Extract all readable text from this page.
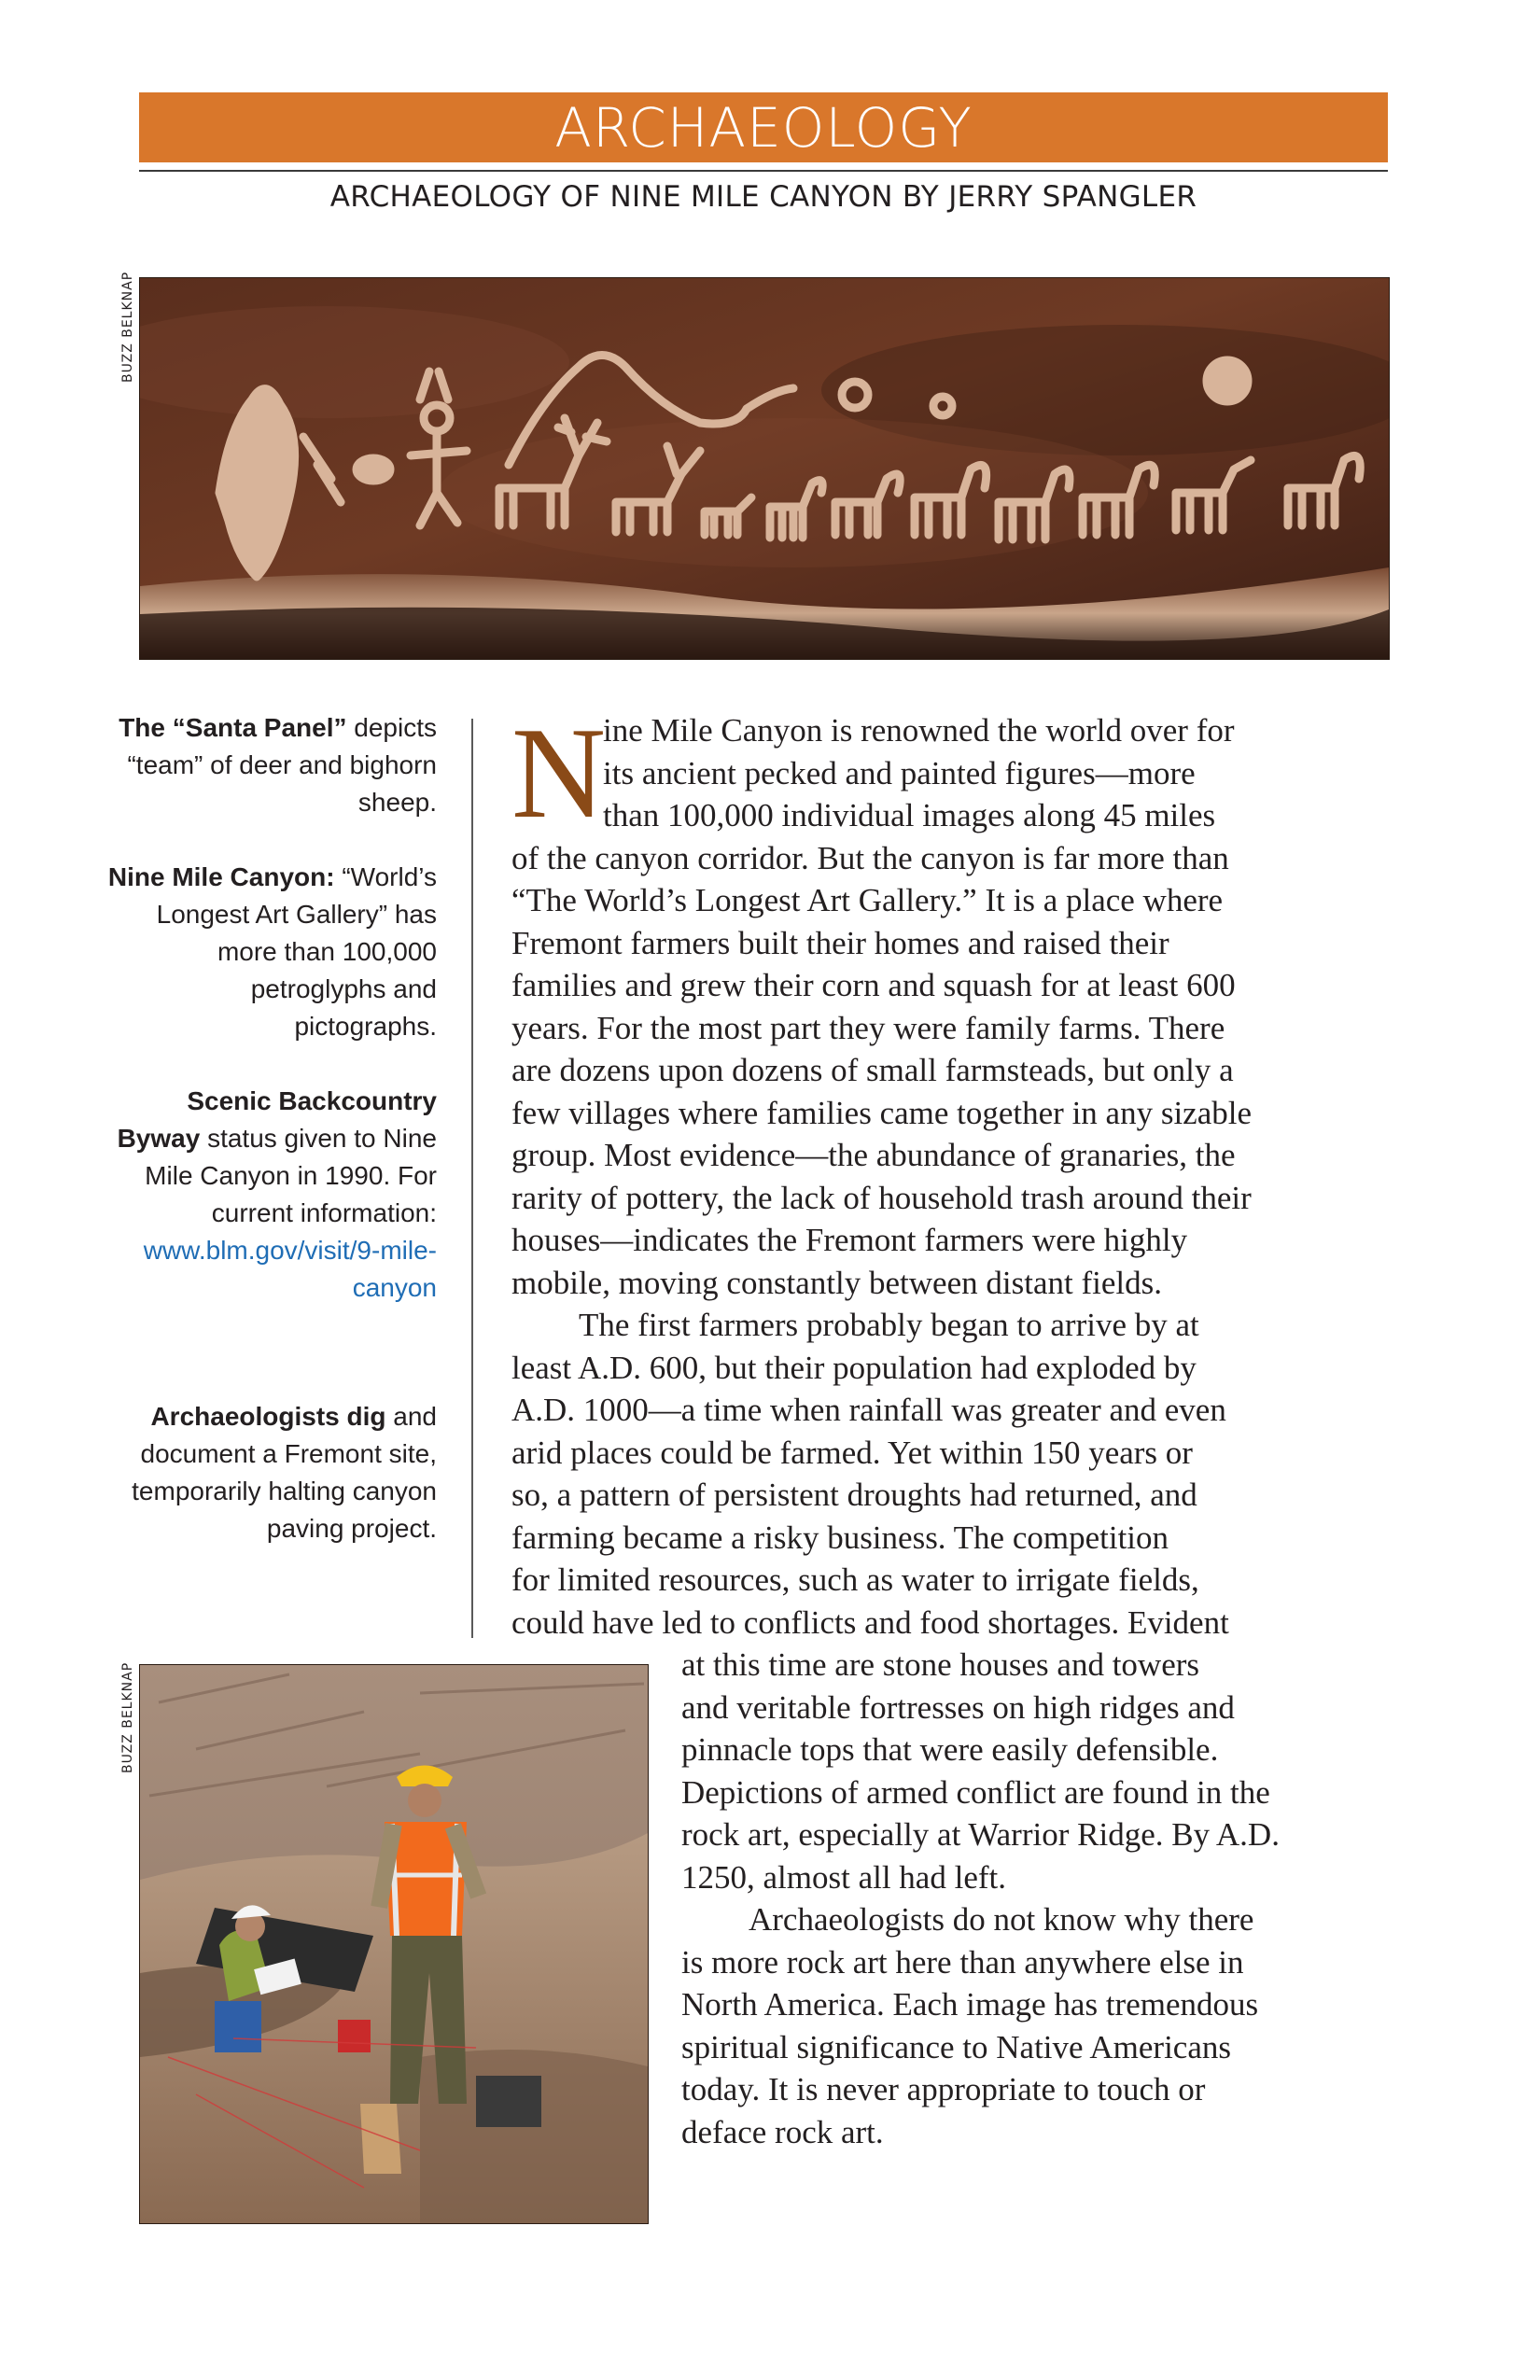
ARCHAEOLOGY
ARCHAEOLOGY OF NINE MILE CANYON BY JERRY SPANGLER
BUZZ BELKNAP

The “Santa Panel” depicts “team” of deer and bighorn sheep.

Nine Mile Canyon: “World’s Longest Art Gallery” has more than 100,000 petroglyphs and pictographs.

Scenic Backcountry Byway status given to Nine Mile Canyon in 1990. For current information: www.blm.gov/visit/9-mile-canyon

Archaeologists dig and document a Fremont site, temporarily halting canyon paving project.

BUZZ BELKNAP
N
ine Mile Canyon is renowned the world over for
its ancient pecked and painted figures—more
than 100,000 individual images along 45 miles
of the canyon corridor. But the canyon is far more than
“The World’s Longest Art Gallery.” It is a place where
Fremont farmers built their homes and raised their
families and grew their corn and squash for at least 600
years. For the most part they were family farms. There
are dozens upon dozens of small farmsteads, but only a
few villages where families came together in any sizable
group. Most evidence—the abundance of granaries, the
rarity of pottery, the lack of household trash around their
houses—indicates the Fremont farmers were highly
mobile, moving constantly between distant fields.
The first farmers probably began to arrive by at
least A.D. 600, but their population had exploded by
A.D. 1000—a time when rainfall was greater and even
arid places could be farmed. Yet within 150 years or
so, a pattern of persistent droughts had returned, and
farming became a risky business. The competition
for limited resources, such as water to irrigate fields,
could have led to conflicts and food shortages. Evident
at this time are stone houses and towers
and veritable fortresses on high ridges and
pinnacle tops that were easily defensible.
Depictions of armed conflict are found in the
rock art, especially at Warrior Ridge. By A.D.
1250, almost all had left.
Archaeologists do not know why there
is more rock art here than anywhere else in
North America. Each image has tremendous
spiritual significance to Native Americans
today. It is never appropriate to touch or
deface rock art.
